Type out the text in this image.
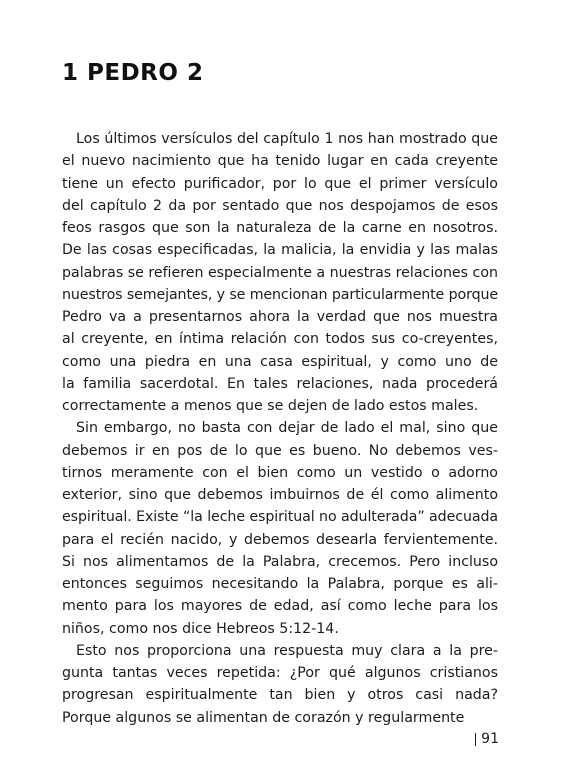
1 PEDRO 2

Los últimos versículos del capítulo 1 nos han mostrado que
el nuevo nacimiento que ha tenido lugar en cada creyente
tiene un efecto purificador, por lo que el primer versículo
del capítulo 2 da por sentado que nos despojamos de esos
feos rasgos que son la naturaleza de la carne en nosotros.
De las cosas especificadas, la malicia, la envidia y las malas
palabras se refieren especialmente a nuestras relaciones con
nuestros semejantes, y se mencionan particularmente porque
Pedro va a presentarnos ahora la verdad que nos muestra
al creyente, en íntima relación con todos sus co-creyentes,
como una piedra en una casa espiritual, y como uno de
la familia sacerdotal. En tales relaciones, nada procederá
correctamente a menos que se dejen de lado estos males.

Sin embargo, no basta con dejar de lado el mal, sino que
debemos ir en pos de lo que es bueno. No debemos ves-
tirnos meramente con el bien como un vestido o adorno
exterior, sino que debemos imbuirnos de él como alimento
espiritual. Existe “la leche espiritual no adulterada” adecuada
para el recién nacido, y debemos desearla fervientemente.
Si nos alimentamos de la Palabra, crecemos. Pero incluso
entonces seguimos necesitando la Palabra, porque es ali-
mento para los mayores de edad, así como leche para los
niños, como nos dice Hebreos 5:12-14.

Esto nos proporciona una respuesta muy clara a la pre-
gunta tantas veces repetida: ¿Por qué algunos cristianos
progresan espiritualmente tan bien y otros casi nada?
Porque algunos se alimentan de corazón y regularmente

91
